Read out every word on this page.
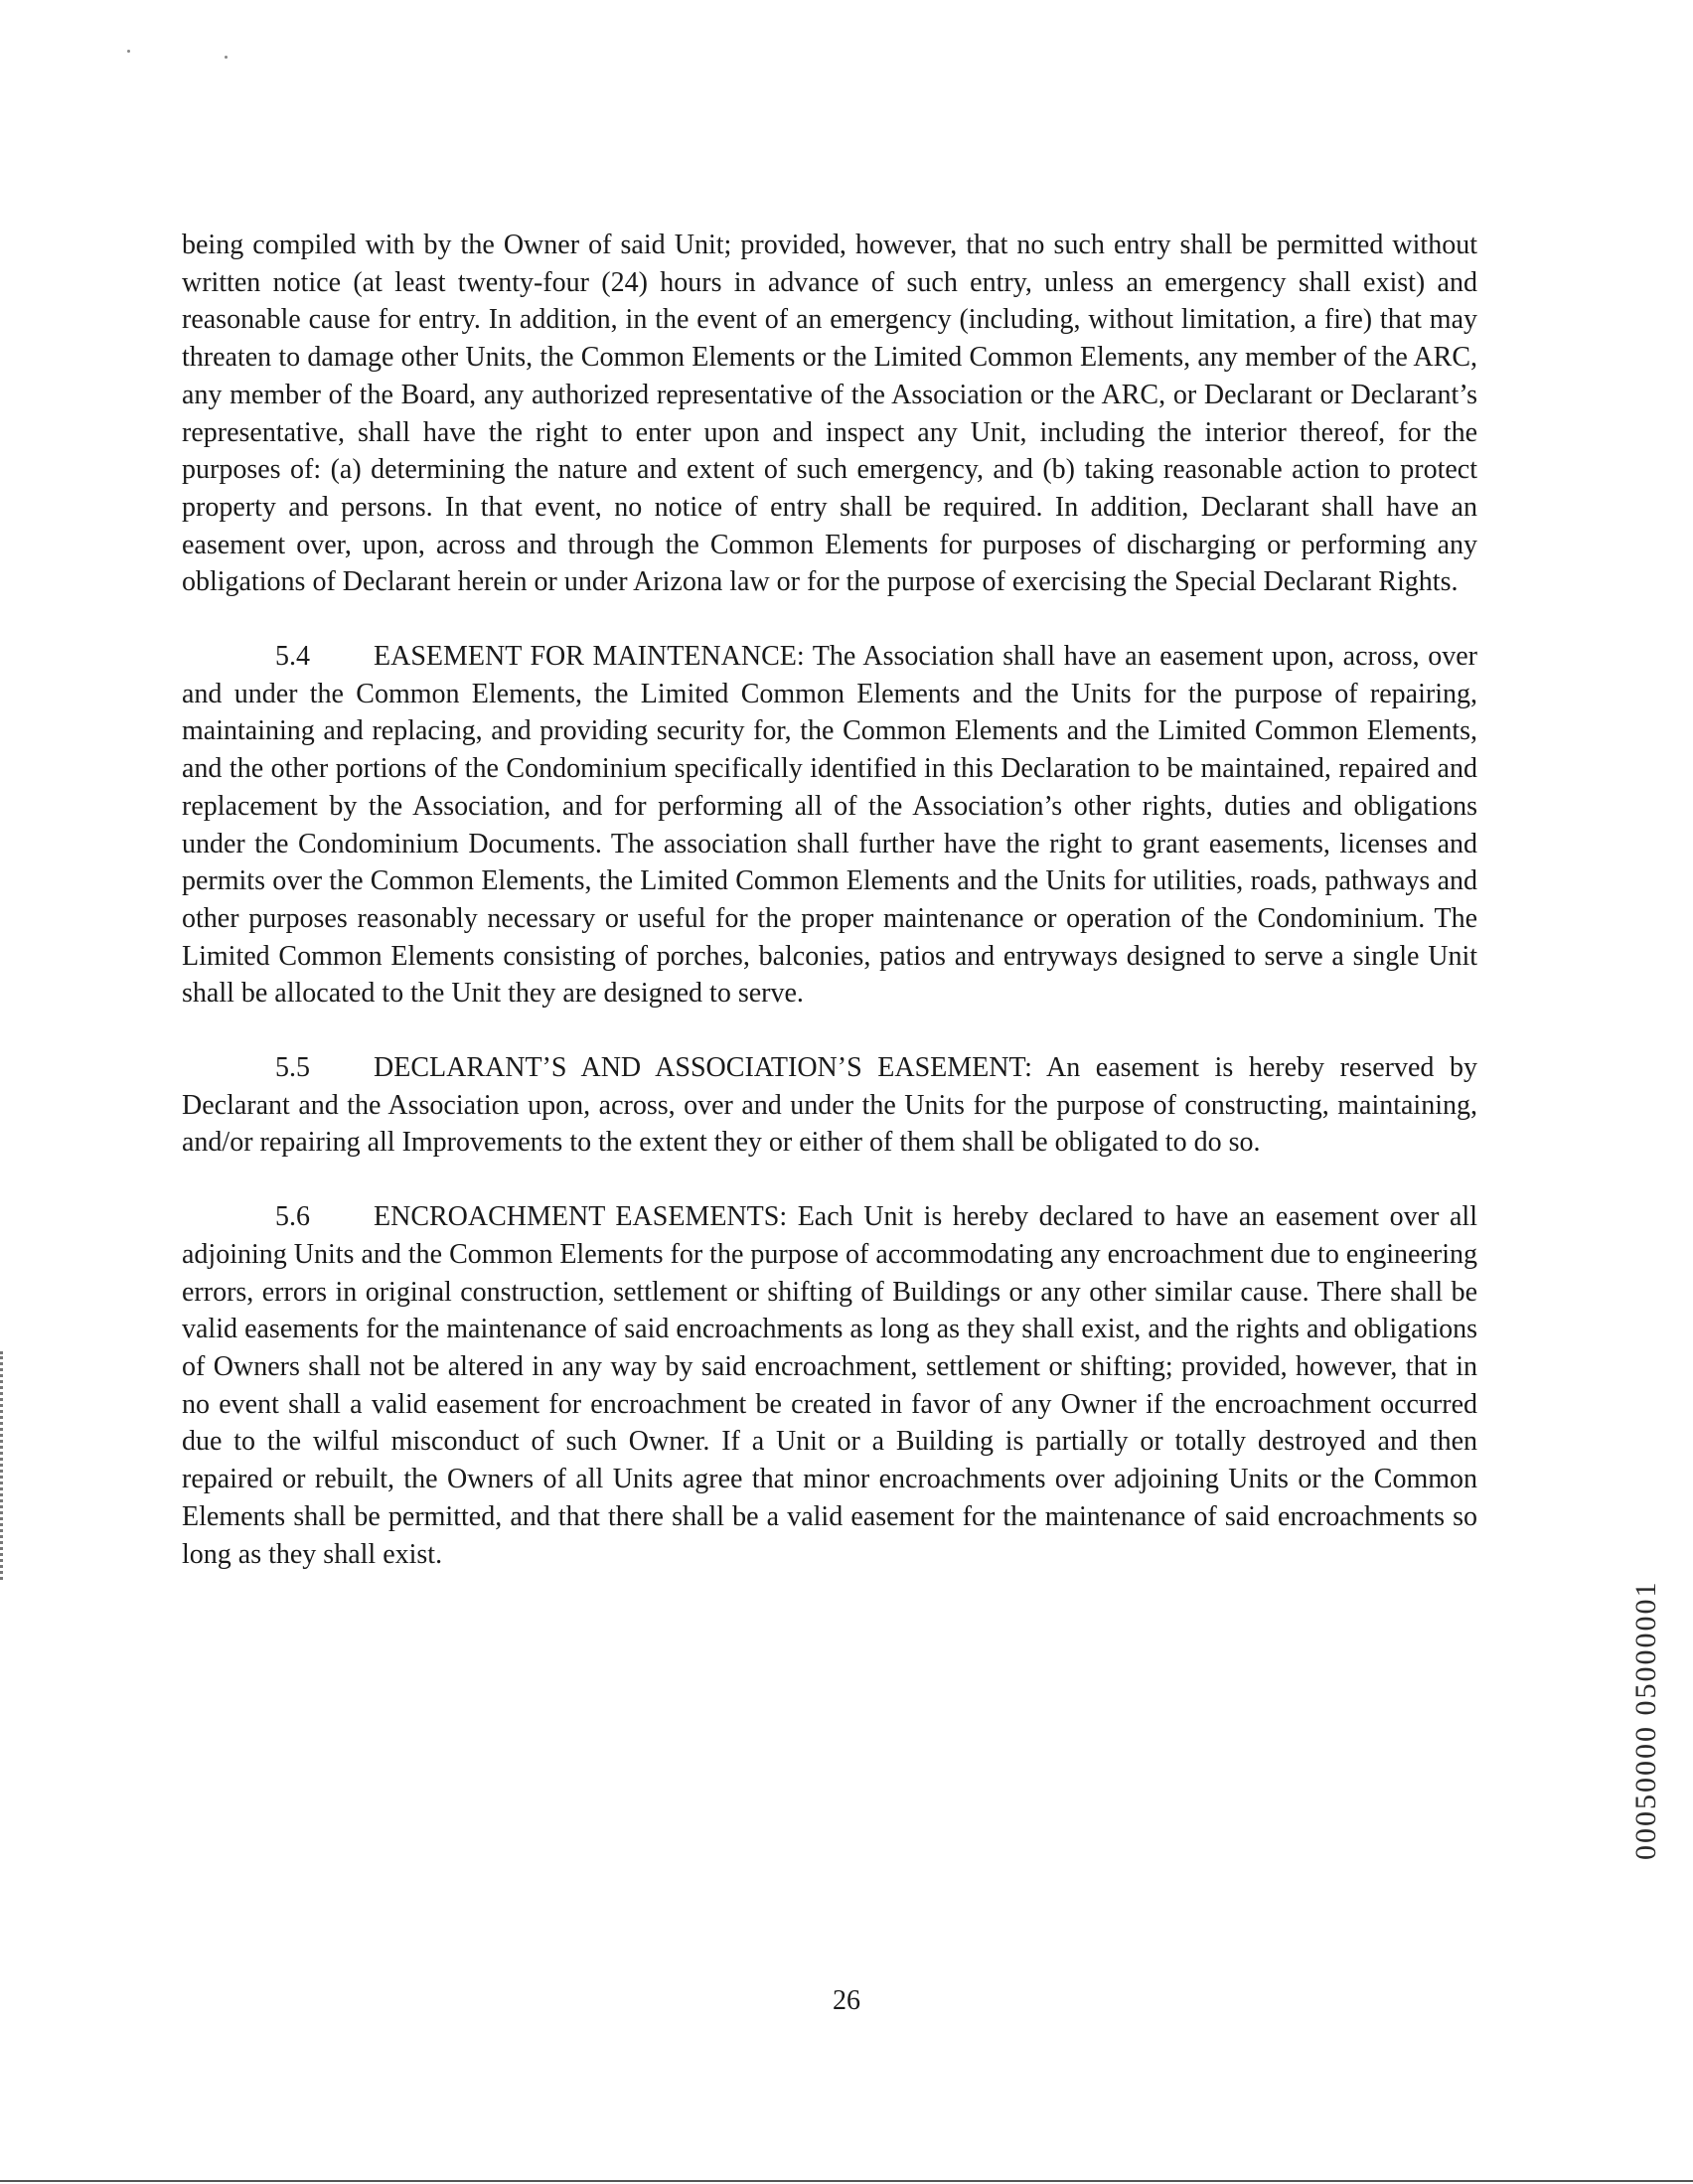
being compiled with by the Owner of said Unit; provided, however, that no such entry shall be permitted without written notice (at least twenty-four (24) hours in advance of such entry, unless an emergency shall exist) and reasonable cause for entry. In addition, in the event of an emergency (including, without limitation, a fire) that may threaten to damage other Units, the Common Elements or the Limited Common Elements, any member of the ARC, any member of the Board, any authorized representative of the Association or the ARC, or Declarant or Declarant’s representative, shall have the right to enter upon and inspect any Unit, including the interior thereof, for the purposes of: (a) determining the nature and extent of such emergency, and (b) taking reasonable action to protect property and persons. In that event, no notice of entry shall be required. In addition, Declarant shall have an easement over, upon, across and through the Common Elements for purposes of discharging or performing any obligations of Declarant herein or under Arizona law or for the purpose of exercising the Special Declarant Rights.

5.4 EASEMENT FOR MAINTENANCE: The Association shall have an easement upon, across, over and under the Common Elements, the Limited Common Elements and the Units for the purpose of repairing, maintaining and replacing, and providing security for, the Common Elements and the Limited Common Elements, and the other portions of the Condominium specifically identified in this Declaration to be maintained, repaired and replacement by the Association, and for performing all of the Association’s other rights, duties and obligations under the Condominium Documents. The association shall further have the right to grant easements, licenses and permits over the Common Elements, the Limited Common Elements and the Units for utilities, roads, pathways and other purposes reasonably necessary or useful for the proper maintenance or operation of the Condominium. The Limited Common Elements consisting of porches, balconies, patios and entryways designed to serve a single Unit shall be allocated to the Unit they are designed to serve.

5.5 DECLARANT’S AND ASSOCIATION’S EASEMENT: An easement is hereby reserved by Declarant and the Association upon, across, over and under the Units for the purpose of constructing, maintaining, and/or repairing all Improvements to the extent they or either of them shall be obligated to do so.

5.6 ENCROACHMENT EASEMENTS: Each Unit is hereby declared to have an easement over all adjoining Units and the Common Elements for the purpose of accommodating any encroachment due to engineering errors, errors in original construction, settlement or shifting of Buildings or any other similar cause. There shall be valid easements for the maintenance of said encroachments as long as they shall exist, and the rights and obligations of Owners shall not be altered in any way by said encroachment, settlement or shifting; provided, however, that in no event shall a valid easement for encroachment be created in favor of any Owner if the encroachment occurred due to the wilful misconduct of such Owner. If a Unit or a Building is partially or totally destroyed and then repaired or rebuilt, the Owners of all Units agree that minor encroachments over adjoining Units or the Common Elements shall be permitted, and that there shall be a valid easement for the maintenance of said encroachments so long as they shall exist.

00050000 05000001
26
